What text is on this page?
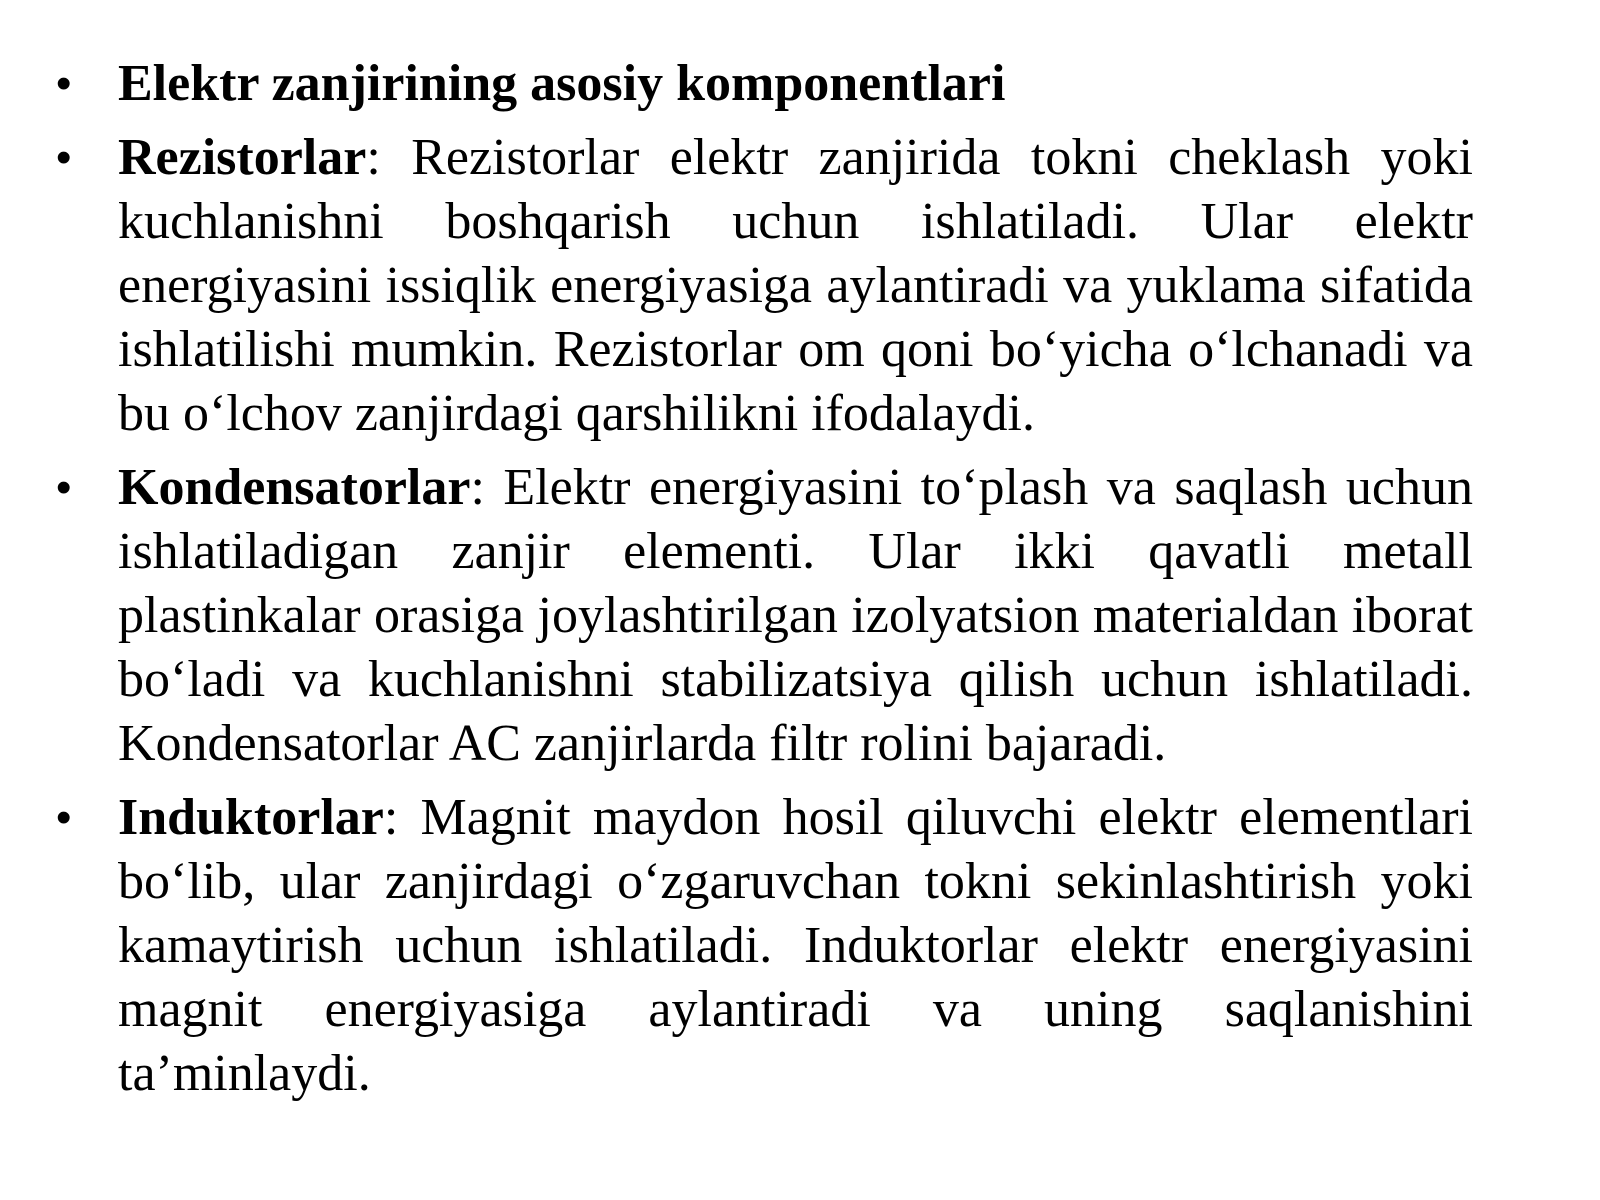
• Elektr zanjirining asosiy komponentlari
• Rezistorlar: Rezistorlar elektr zanjirida tokni cheklash yoki kuchlanishni boshqarish uchun ishlatiladi. Ular elektr energiyasini issiqlik energiyasiga aylantiradi va yuklama sifatida ishlatilishi mumkin. Rezistorlar om qoni bo‘yicha o‘lchanadi va bu o‘lchov zanjirdagi qarshilikni ifodalaydi.
• Kondensatorlar: Elektr energiyasini to‘plash va saqlash uchun ishlatiladigan zanjir elementi. Ular ikki qavatli metall plastinkalar orasiga joylashtirilgan izolyatsion materialdan iborat bo‘ladi va kuchlanishni stabilizatsiya qilish uchun ishlatiladi. Kondensatorlar AC zanjirlarda filtr rolini bajaradi.
• Induktorlar: Magnit maydon hosil qiluvchi elektr elementlari bo‘lib, ular zanjirdagi o‘zgaruvchan tokni sekinlashtirish yoki kamaytirish uchun ishlatiladi. Induktorlar elektr energiyasini magnit energiyasiga aylantiradi va uning saqlanishini ta’minlaydi.
